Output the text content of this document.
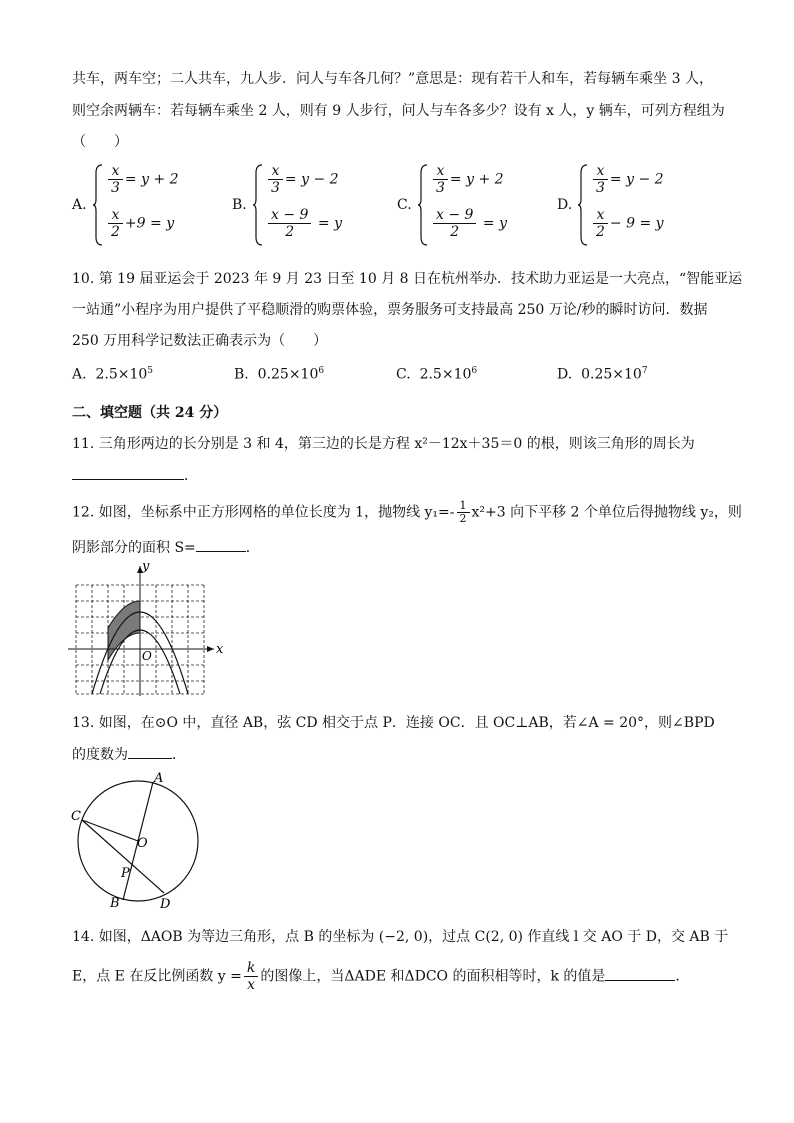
共车，两车空；二人共车，九人步．问人与车各几何？”意思是：现有若干人和车，若每辆车乘坐 3 人，
则空余两辆车：若每辆车乘坐 2 人，则有 9 人步行，问人与车各多少？设有 x 人，y 辆车，可列方程组为
（　　）
A.
$\frac{x}{3} = y + 2$
$\frac{x}{2} +9 = y$
B.
$\frac{x}{3} = y - 2$
$\frac{x - 9}{2} = y$
C.
$\frac{x}{3} = y + 2$
$\frac{x - 9}{2} = y$
D.
$\frac{x}{3} = y - 2$
$\frac{x}{2} - 9 = y$
10. 第 19 届亚运会于 2023 年 9 月 23 日至 10 月 8 日在杭州举办．技术助力亚运是一大亮点，“智能亚运
一站通”小程序为用户提供了平稳顺滑的购票体验，票务服务可支持最高 250 万论/秒的瞬时访问．数据
250 万用科学记数法正确表示为（　　）
A. $2.5\times 10^5$	B. $0.25\times 10^6$	C. $2.5\times 10^6$	D. $0.25\times 10^7$
二、填空题（共 24 分）
11. 三角形两边的长分别是 3 和 4，第三边的长是方程 x²－12x＋35＝0 的根，则该三角形的周长为
．
12. 如图，坐标系中正方形网格的单位长度为 1，抛物线 $y_1=- \frac{1}{2} x^2+3$ 向下平移 2 个单位后得抛物线 y₂，则
阴影部分的面积 S=	．
x
y
O
13. 如图，在⊙O 中，直径 AB，弦 CD 相交于点 P．连接 OC．且 OC⊥AB，若∠A = 20°，则∠BPD
的度数为	．
A
B
C
D
O
P
14. 如图，ΔAOB 为等边三角形，点 B 的坐标为 (−2, 0)，过点 C(2, 0) 作直线 l 交 AO 于 D，交 AB 于
E，点 E 在反比例函数 $y = \frac{k}{x}$ 的图像上，当ΔADE 和ΔDCO 的面积相等时，k 的值是	．
